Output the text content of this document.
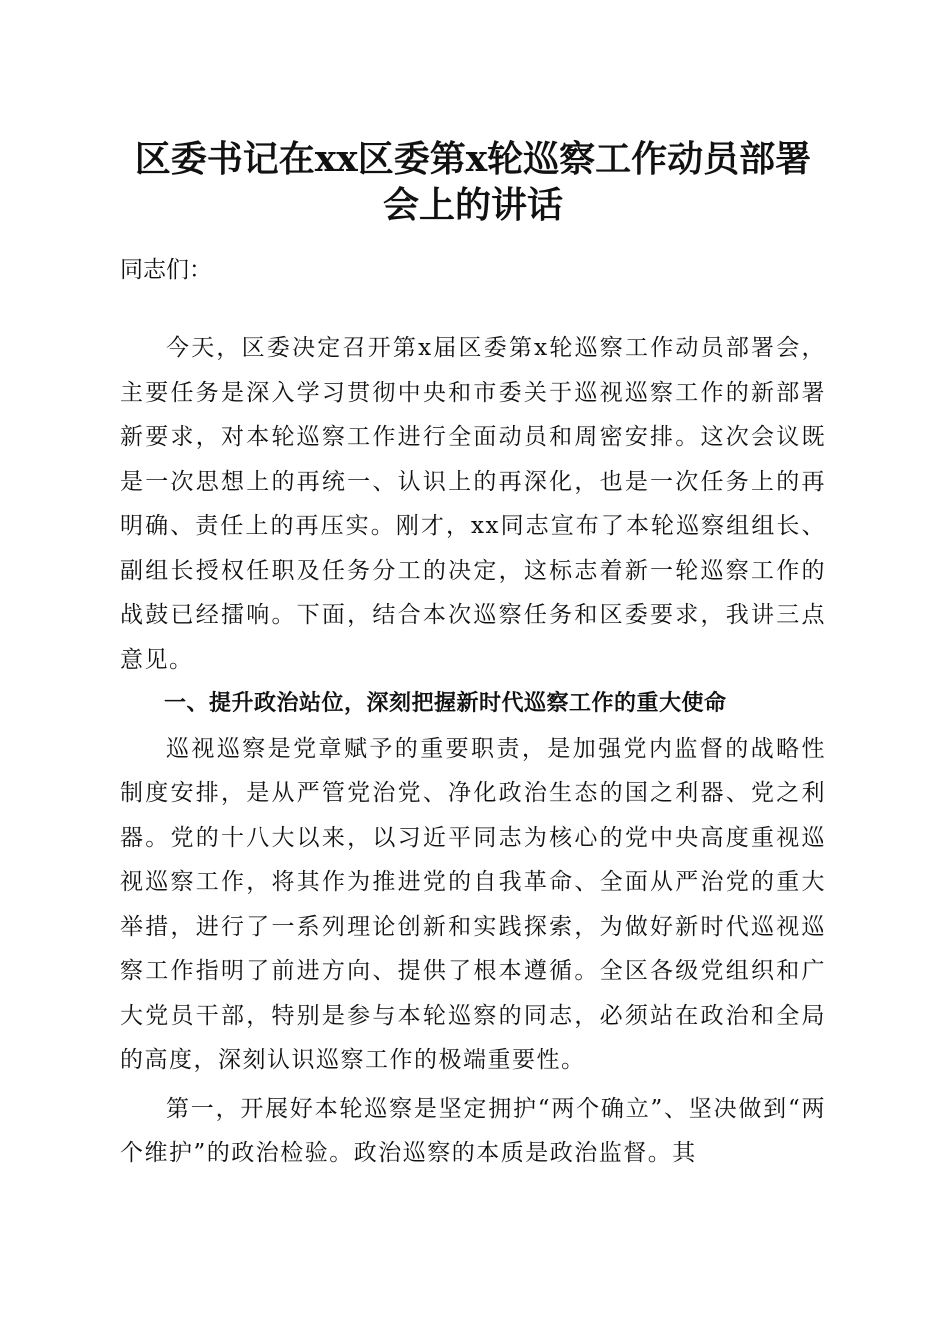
区委书记在xx区委第x轮巡察工作动员部署会上的讲话

同志们：

今天，区委决定召开第x届区委第x轮巡察工作动员部署会，主要任务是深入学习贯彻中央和市委关于巡视巡察工作的新部署新要求，对本轮巡察工作进行全面动员和周密安排。这次会议既是一次思想上的再统一、认识上的再深化，也是一次任务上的再明确、责任上的再压实。刚才，xx同志宣布了本轮巡察组组长、副组长授权任职及任务分工的决定，这标志着新一轮巡察工作的战鼓已经擂响。下面，结合本次巡察任务和区委要求，我讲三点意见。

一、提升政治站位，深刻把握新时代巡察工作的重大使命

巡视巡察是党章赋予的重要职责，是加强党内监督的战略性制度安排，是从严管党治党、净化政治生态的国之利器、党之利器。党的十八大以来，以习近平同志为核心的党中央高度重视巡视巡察工作，将其作为推进党的自我革命、全面从严治党的重大举措，进行了一系列理论创新和实践探索，为做好新时代巡视巡察工作指明了前进方向、提供了根本遵循。全区各级党组织和广大党员干部，特别是参与本轮巡察的同志，必须站在政治和全局的高度，深刻认识巡察工作的极端重要性。

第一，开展好本轮巡察是坚定拥护“两个确立”、坚决做到“两个维护”的政治检验。政治巡察的本质是政治监督。其
